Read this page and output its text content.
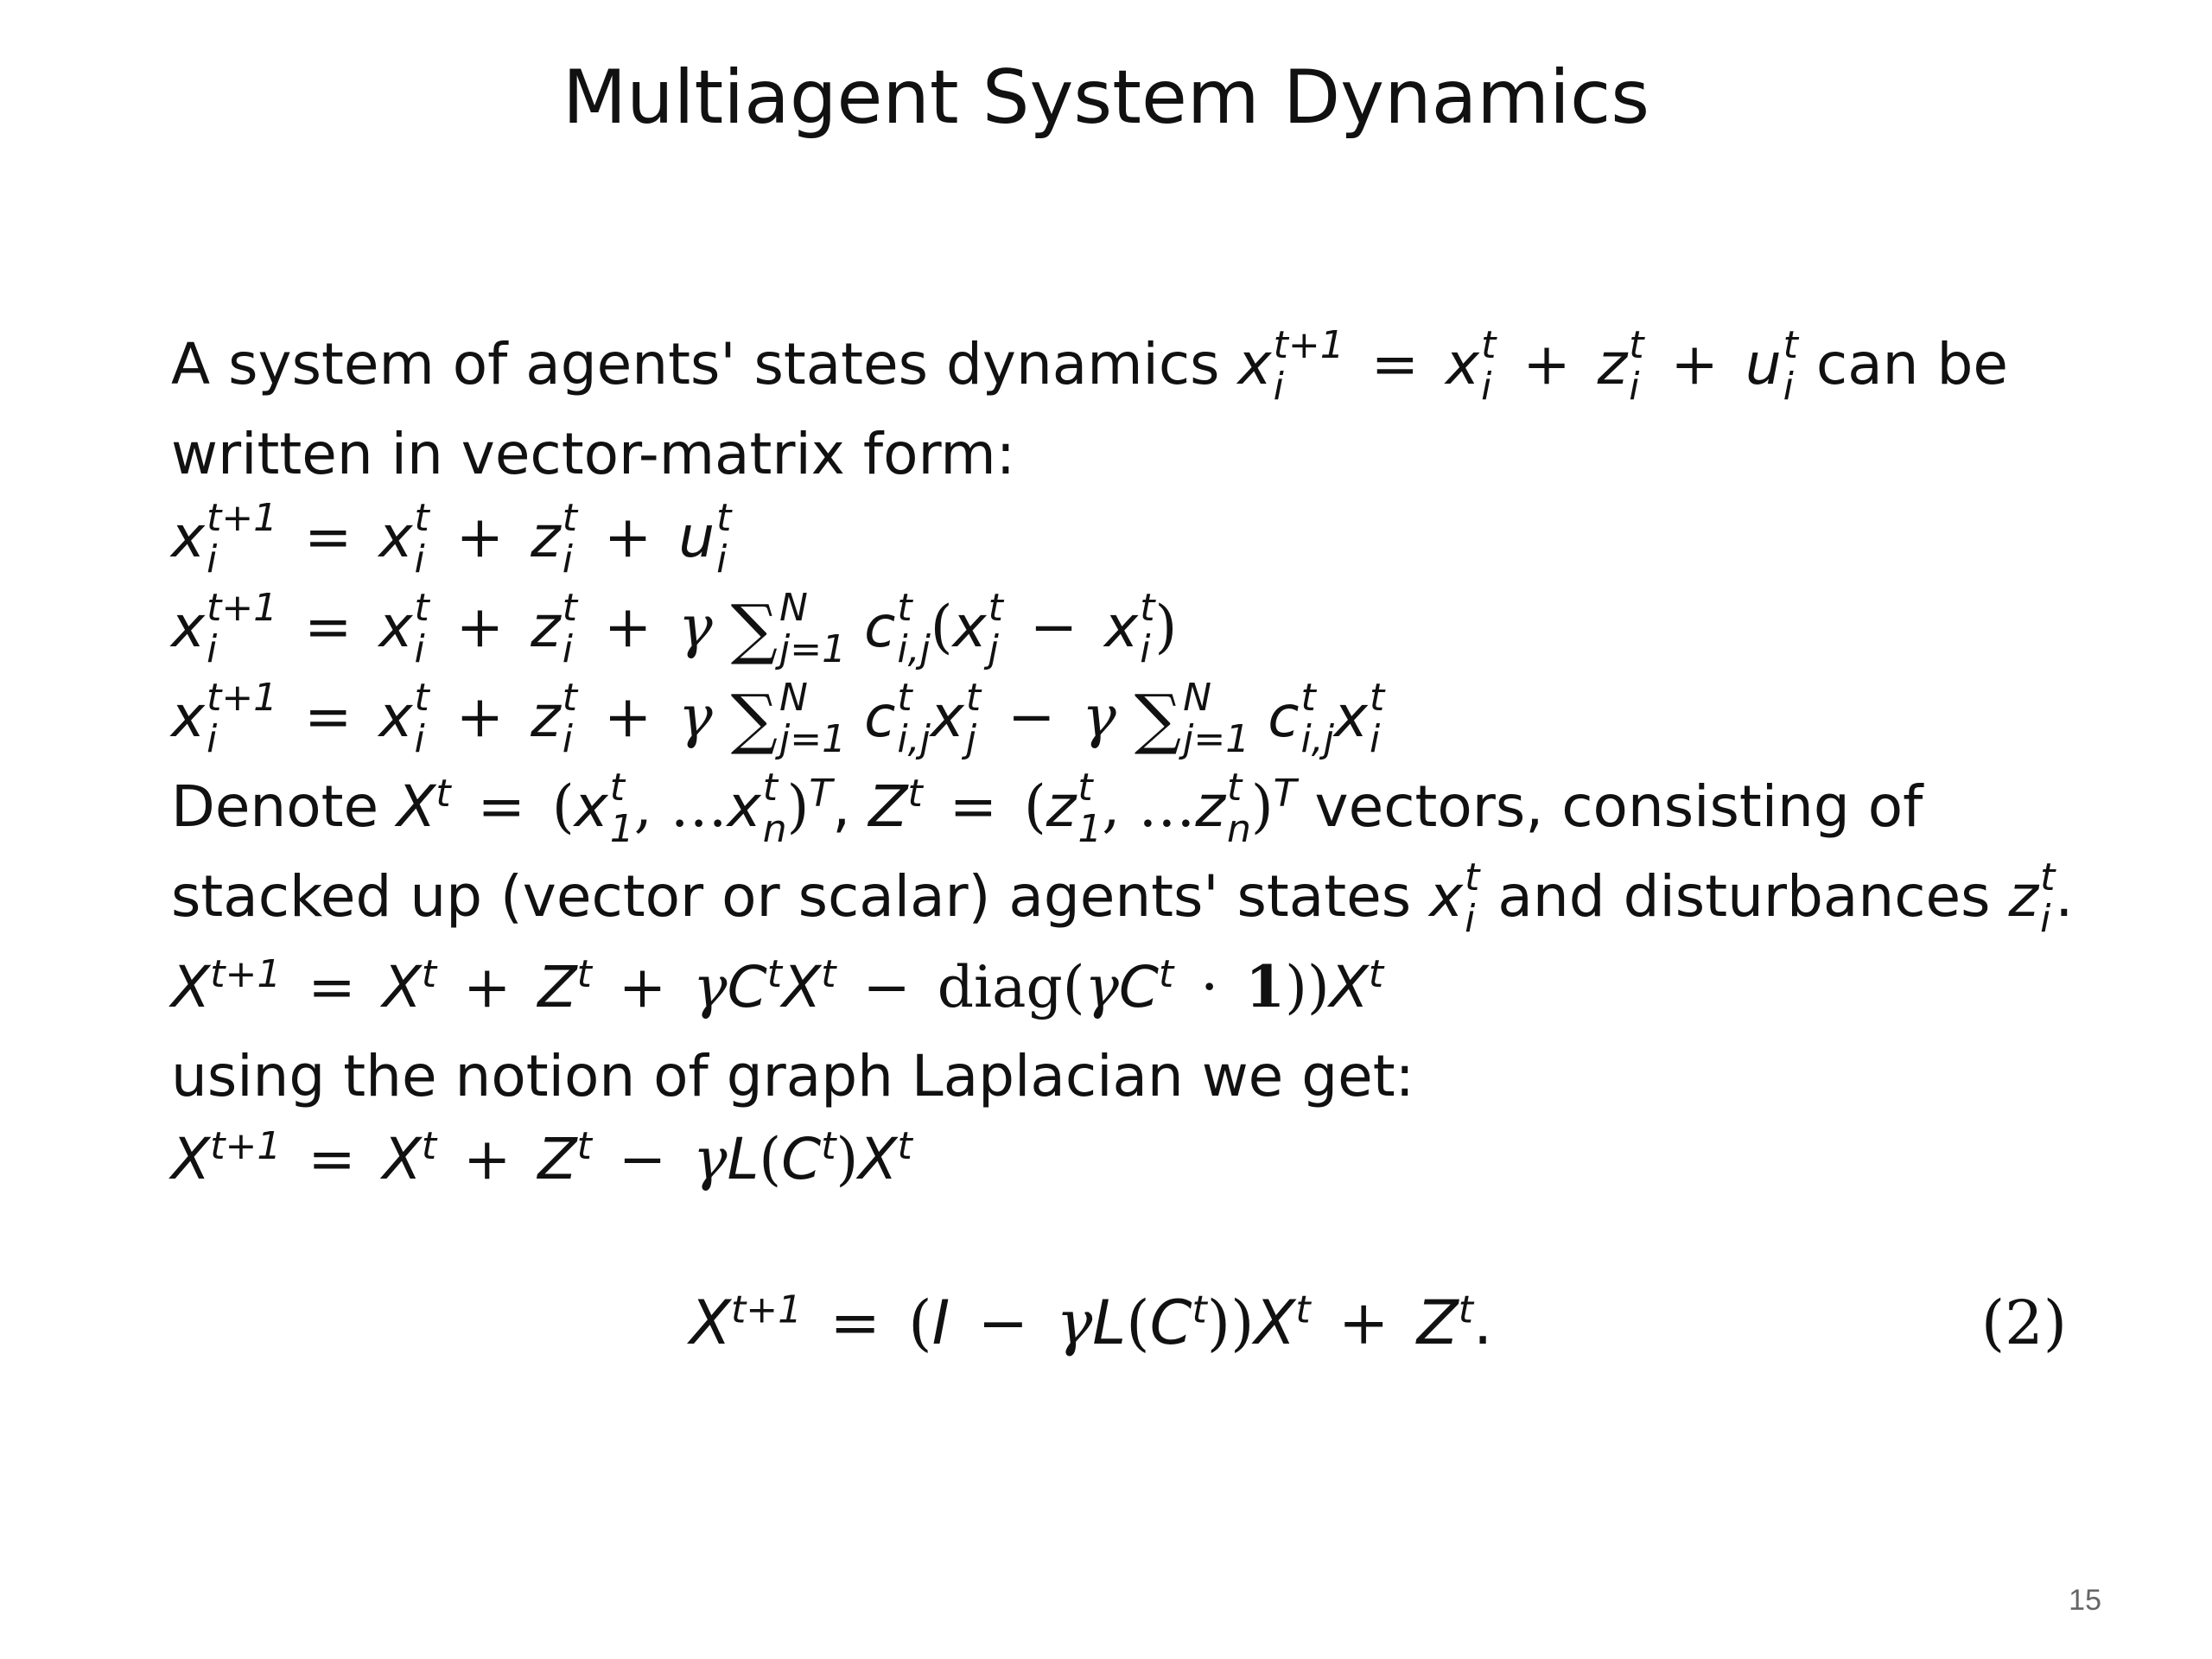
Multiagent System Dynamics
A system of agents' states dynamics x t+1
i	= x t
i + z t
i + u t
i can be
written in vector-matrix form:
x t+1
i	= x t
i + z t
i + u t
i
x t+1
i	= x t
i + z t
i + γ ∑ N
j=1 c t
i,j (x t
j − x t
i )
x t+1
i	= x t
i + z t
i + γ ∑ N
j=1 c t
i,j x t
j − γ ∑ N
j=1 c t
i,j x t
i
Denote $X^t = (x$ t
1 , …x t
n )$^T$, $Z^t = (z$ t
1 , …z t
n )$^T$ vectors, consisting of
stacked up (vector or scalar) agents' states x t
i and disturbances z t
i .
$X^{t+1} = X^t + Z^t + \gamma C^tX^t$ − $diag(\gamma C^t \cdot 1))X^t$
using the notion of graph Laplacian we get:
$X^{t+1} = X^t + Z^t - \gamma L(C^t)X^t$
$X^{t+1} = (I - \gamma L(C^t))X^t + Z^t$.	(2)
15
